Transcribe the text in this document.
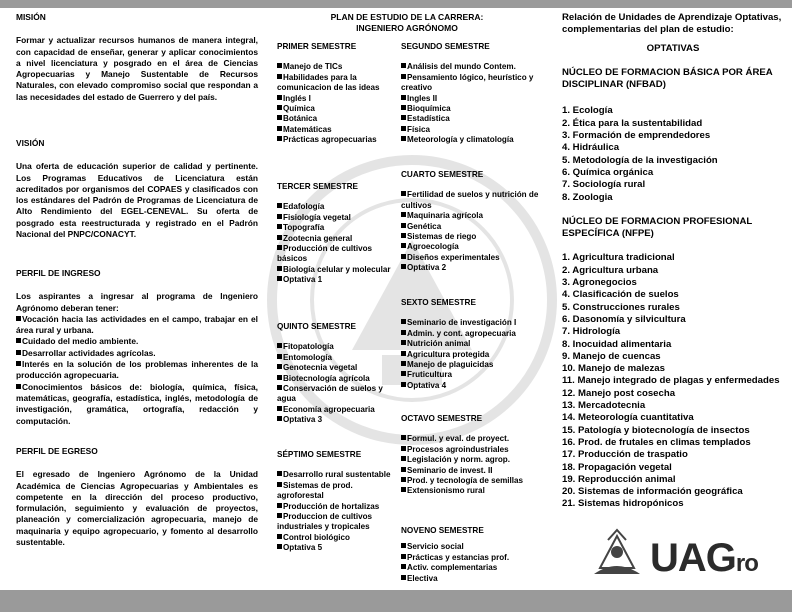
MISIÓN

Formar y actualizar recursos humanos de manera integral, con capacidad de enseñar, generar y aplicar conocimientos a nivel licenciatura y posgrado en el área de Ciencias Agropecuarias y Manejo Sustentable de Recursos Naturales, con elevado compromiso social que respondan a las necesidades del estado de Guerrero y del país.

VISIÓN

Una oferta de educación superior de calidad y pertinente. Los Programas Educativos de Licenciatura están acreditados por organismos del COPAES y clasificados con los estándares del Padrón de Programas de Licenciatura de Alto Rendimiento del EGEL-CENEVAL. Su oferta de posgrado esta reestructurada y registrado en el Padrón Nacional del PNPC/CONACYT.

PERFIL DE INGRESO

Los aspirantes a ingresar al programa de Ingeniero Agrónomo deberan tener:

Vocación hacia las actividades en el campo, trabajar en el área rural y urbana.
Cuidado del medio ambiente.
Desarrollar actividades agrícolas.
Interés en la solución de los problemas inherentes de la producción agropecuaria.
Conocimientos básicos de: biología, química, física, matemáticas, geografía, estadística, inglés, metodología de investigación, gramática, ortografía, redacción y computación.
PERFIL DE EGRESO

El egresado de Ingeniero Agrónomo de la Unidad Académica de Ciencias Agropecuarias y Ambientales es competente en la dirección del proceso productivo, formulación, seguimiento y evaluación de proyectos, planeación y comercialización agropecuaria, manejo de maquinaria y equipo agropecuario, y fomento al desarrollo sustentable.

PLAN DE ESTUDIO DE LA CARRERA:
INGENIERO AGRÓNOMO
PRIMER SEMESTRE
Manejo de TICs
Habilidades para la comunicacion de las ideas
Inglés I
Química
Botánica
Matemáticas
Prácticas agropecuarias
SEGUNDO SEMESTRE
Análisis del mundo Contem.
Pensamiento lógico, heurístico y creativo
Ingles II
Bioquímica
Estadística
Física
Meteorología y climatología
TERCER SEMESTRE
Edafología
Fisiología vegetal
Topografía
Zootecnia general
Producción de cultivos básicos
Biología celular y molecular
Optativa 1
CUARTO SEMESTRE
Fertilidad de suelos y nutrición de cultivos
Maquinaria agrícola
Genética
Sistemas de riego
Agroecología
Diseños experimentales
Optativa 2
QUINTO SEMESTRE
Fitopatología
Entomología
Genotecnia vegetal
Biotecnología agrícola
Conservación de suelos y agua
Economía agropecuaria
Optativa 3
SEXTO SEMESTRE
Seminario de investigación I
Admin. y cont. agropecuaria
Nutrición animal
Agricultura protegida
Manejo de plaguicidas
Fruticultura
Optativa 4
SÉPTIMO SEMESTRE
Desarrollo rural sustentable
Sistemas de prod. agroforestal
Producción de hortalizas
Produccion de cultivos industriales y tropicales
Control biológico
Optativa 5
OCTAVO SEMESTRE
Formul. y eval. de proyect.
Procesos agroindustriales
Legislación y norm. agrop.
Seminario de invest. II
Prod. y tecnología de semillas
Extensionismo rural
NOVENO SEMESTRE
Servicio social
Prácticas y estancias prof.
Activ. complementarias
Electiva

Relación de Unidades de Aprendizaje Optativas, complementarias del plan de estudio:

OPTATIVAS
NÚCLEO DE FORMACION BÁSICA POR ÁREA DISCIPLINAR (NFBAD)
1. Ecología
2. Ética para la sustentabilidad
3. Formación de emprendedores
4. Hidráulica
5. Metodología de la investigación
6. Química orgánica
7. Sociología rural
8. Zoologia
NÚCLEO DE FORMACION PROFESIONAL ESPECÍFICA (NFPE)
1. Agricultura tradicional
2. Agricultura urbana
3. Agronegocios
4. Clasificación de suelos
5. Construcciones rurales
6. Dasonomía y silvicultura
7. Hidrología
8. Inocuidad alimentaria
9. Manejo de cuencas
10. Manejo de malezas
11. Manejo integrado de plagas y enfermedades
12. Manejo post cosecha
13. Mercadotecnia
14. Meteorología cuantitativa
15. Patología y biotecnología de insectos
16. Prod. de frutales en climas templados
17. Producción de traspatio
18. Propagación vegetal
19. Reproducción animal
20. Sistemas de información geográfica
21. Sistemas hidropónicos
UAGro
